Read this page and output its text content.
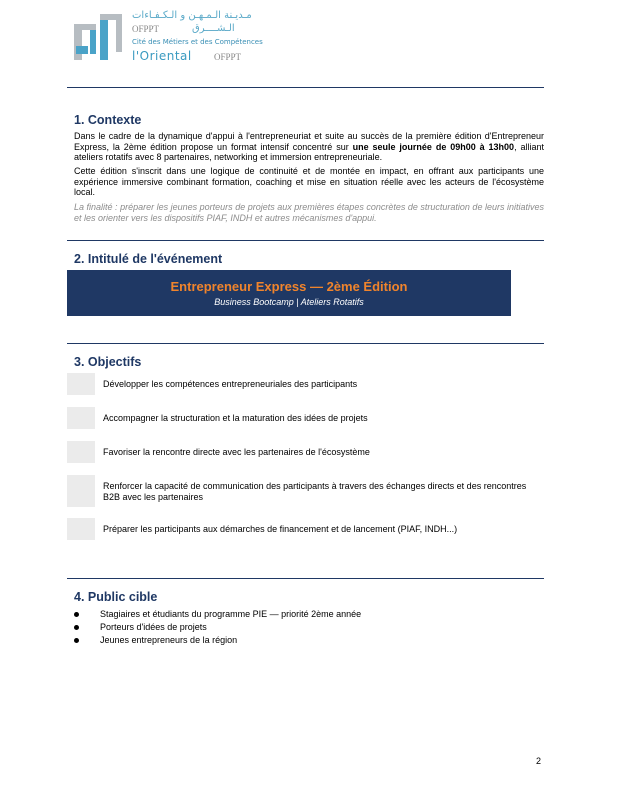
مـديـنة الـمـهـن و الـكـفـاءات
OFPPT	الـشــــرق
Cité des Métiers et des Compétences
l'Oriental OFPPT
1. Contexte

Dans le cadre de la dynamique d'appui à l'entrepreneuriat et suite au succès de la première édition d'Entrepreneur Express, la 2ème édition propose un format intensif concentré sur une seule journée de 09h00 à 13h00, alliant ateliers rotatifs avec 8 partenaires, networking et immersion entrepreneuriale.

Cette édition s'inscrit dans une logique de continuité et de montée en impact, en offrant aux participants une expérience immersive combinant formation, coaching et mise en situation réelle avec les acteurs de l'écosystème local.

La finalité : préparer les jeunes porteurs de projets aux premières étapes concrètes de structuration de leurs initiatives et les orienter vers les dispositifs PIAF, INDH et autres mécanismes d'appui.

2. Intitulé de l'événement
Entrepreneur Express — 2ème Édition
Business Bootcamp | Ateliers Rotatifs
3. Objectifs
Développer les compétences entrepreneuriales des participants
Accompagner la structuration et la maturation des idées de projets
Favoriser la rencontre directe avec les partenaires de l'écosystème
Renforcer la capacité de communication des participants à travers des échanges directs et des rencontres B2B avec les partenaires
Préparer les participants aux démarches de financement et de lancement (PIAF, INDH...)
4. Public cible
Stagiaires et étudiants du programme PIE — priorité 2ème année
Porteurs d'idées de projets
Jeunes entrepreneurs de la région
2
